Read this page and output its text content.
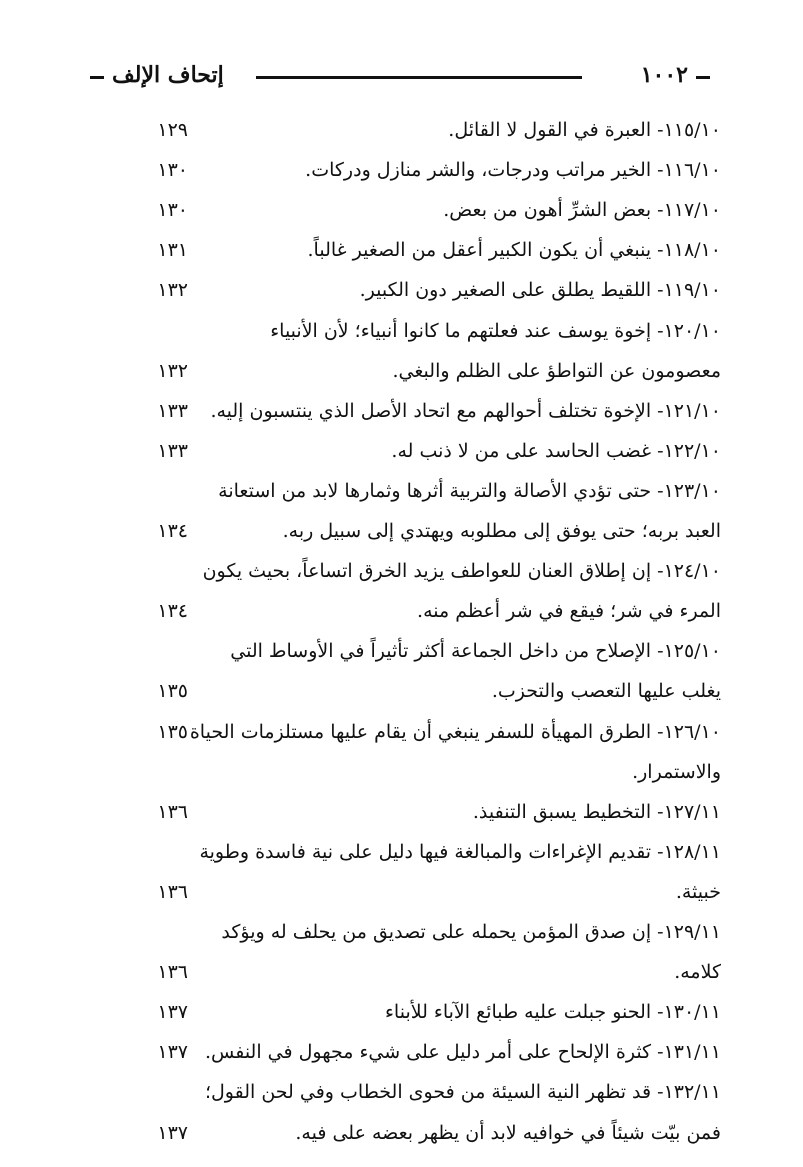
١٠٠٢
إتحاف الإلف
١١٥/١٠- العبرة في القول لا القائل.
١٢٩
١١٦/١٠- الخير مراتب ودرجات، والشر منازل ودركات.
١٣٠
١١٧/١٠- بعض الشرِّ أهون من بعض.
١٣٠
١١٨/١٠- ينبغي أن يكون الكبير أعقل من الصغير غالباً.
١٣١
١١٩/١٠- اللقيط يطلق على الصغير دون الكبير.
١٣٢
١٢٠/١٠- إخوة يوسف عند فعلتهم ما كانوا أنبياء؛ لأن الأنبياء
معصومون عن التواطؤ على الظلم والبغي.
١٣٢
١٢١/١٠- الإخوة تختلف أحوالهم مع اتحاد الأصل الذي ينتسبون إليه.
١٣٣
١٢٢/١٠- غضب الحاسد على من لا ذنب له.
١٣٣
١٢٣/١٠- حتى تؤدي الأصالة والتربية أثرها وثمارها لابد من استعانة
العبد بربه؛ حتى يوفق إلى مطلوبه ويهتدي إلى سبيل ربه.
١٣٤
١٢٤/١٠- إن إطلاق العنان للعواطف يزيد الخرق اتساعاً، بحيث يكون
المرء في شر؛ فيقع في شر أعظم منه.
١٣٤
١٢٥/١٠- الإصلاح من داخل الجماعة أكثر تأثيراً في الأوساط التي
يغلب عليها التعصب والتحزب.
١٣٥
١٢٦/١٠- الطرق المهيأة للسفر ينبغي أن يقام عليها مستلزمات الحياة
١٣٥
والاستمرار.
١٢٧/١١- التخطيط يسبق التنفيذ.
١٣٦
١٢٨/١١- تقديم الإغراءات والمبالغة فيها دليل على نية فاسدة وطوية
خبيثة.
١٣٦
١٢٩/١١- إن صدق المؤمن يحمله على تصديق من يحلف له ويؤكد
كلامه.
١٣٦
١٣٠/١١- الحنو جبلت عليه طبائع الآباء للأبناء
١٣٧
١٣١/١١- كثرة الإلحاح على أمر دليل على شيء مجهول في النفس.
١٣٧
١٣٢/١١- قد تظهر النية السيئة من فحوى الخطاب وفي لحن القول؛
فمن بيّت شيئاً في خوافيه لابد أن يظهر بعضه على فيه.
١٣٧
